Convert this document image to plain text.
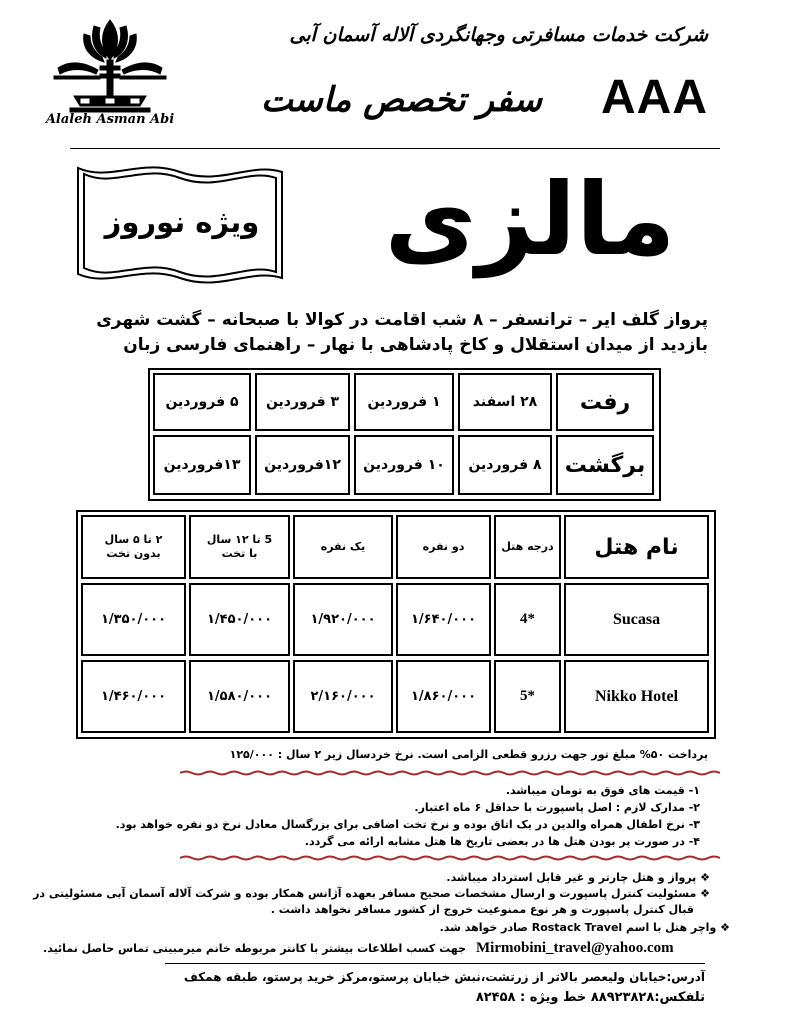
Alaleh Asman Abi
شرکت خدمات مسافرتی وجهانگردی آلاله آسمان آبی
AAA
سفر تخصص ماست
ویژه نوروز	مالزی
پرواز گلف ایر – ترانسفر – ۸ شب اقامت در کوالا با صبحانه – گشت شهری بازدید از میدان استقلال و کاخ پادشاهی با نهار – راهنمای فارسی زبان
رفت
۲۸ اسفند
۱ فروردین
۳ فروردین
۵ فروردین
برگشت
۸ فروردین
۱۰ فروردین
۱۲فروردین
۱۳فروردین
نام هتل
درجه هتل
دو نفره
یک نفره
5 تا ۱۲ سال با تخت
۲ تا ۵ سال بدون تخت
Sucasa
4*
۱/۶۴۰/۰۰۰
۱/۹۲۰/۰۰۰
۱/۴۵۰/۰۰۰
۱/۳۵۰/۰۰۰
Nikko Hotel
5*
۱/۸۶۰/۰۰۰
۲/۱۶۰/۰۰۰
۱/۵۸۰/۰۰۰
۱/۴۶۰/۰۰۰
پرداخت ۵۰% مبلغ تور جهت رزرو قطعی الزامی است. نرخ خردسال زیر ۲ سال : ۱۲۵/۰۰۰
۱- قیمت های فوق به تومان میباشد.
۲- مدارک لازم : اصل پاسپورت با حداقل ۶ ماه اعتبار.
۳- نرخ اطفال همراه والدین در یک اتاق بوده و نرخ تخت اضافی برای بزرگسال معادل نرخ دو نفره خواهد بود.
۴- در صورت پر بودن هتل ها در بعضی تاریخ ها هتل مشابه ارائه می گردد.
❖ پرواز و هتل چارتر و غیر قابل استرداد میباشد.
❖ مسئولیت کنترل پاسپورت و ارسال مشخصات صحیح مسافر بعهده آژانس همکار بوده و شرکت آلاله آسمان آبی مسئولیتی در
قبال کنترل پاسپورت و هر نوع ممنوعیت خروج از کشور مسافر نخواهد داشت .
❖ واچر هتل با اسم Rostack Travel صادر خواهد شد.
جهت کسب اطلاعات بیشتر با کانتر مربوطه خانم میرمبینی تماس حاصل نمائید. Mirmobini_travel@yahoo.com
آدرس:خیابان ولیعصر بالاتر از زرتشت،نبش خیابان پرستو،مرکز خرید پرستو، طبقه همکف
تلفکس:۸۸۹۲۳۸۲۸ خط ویژه : ۸۲۴۵۸
